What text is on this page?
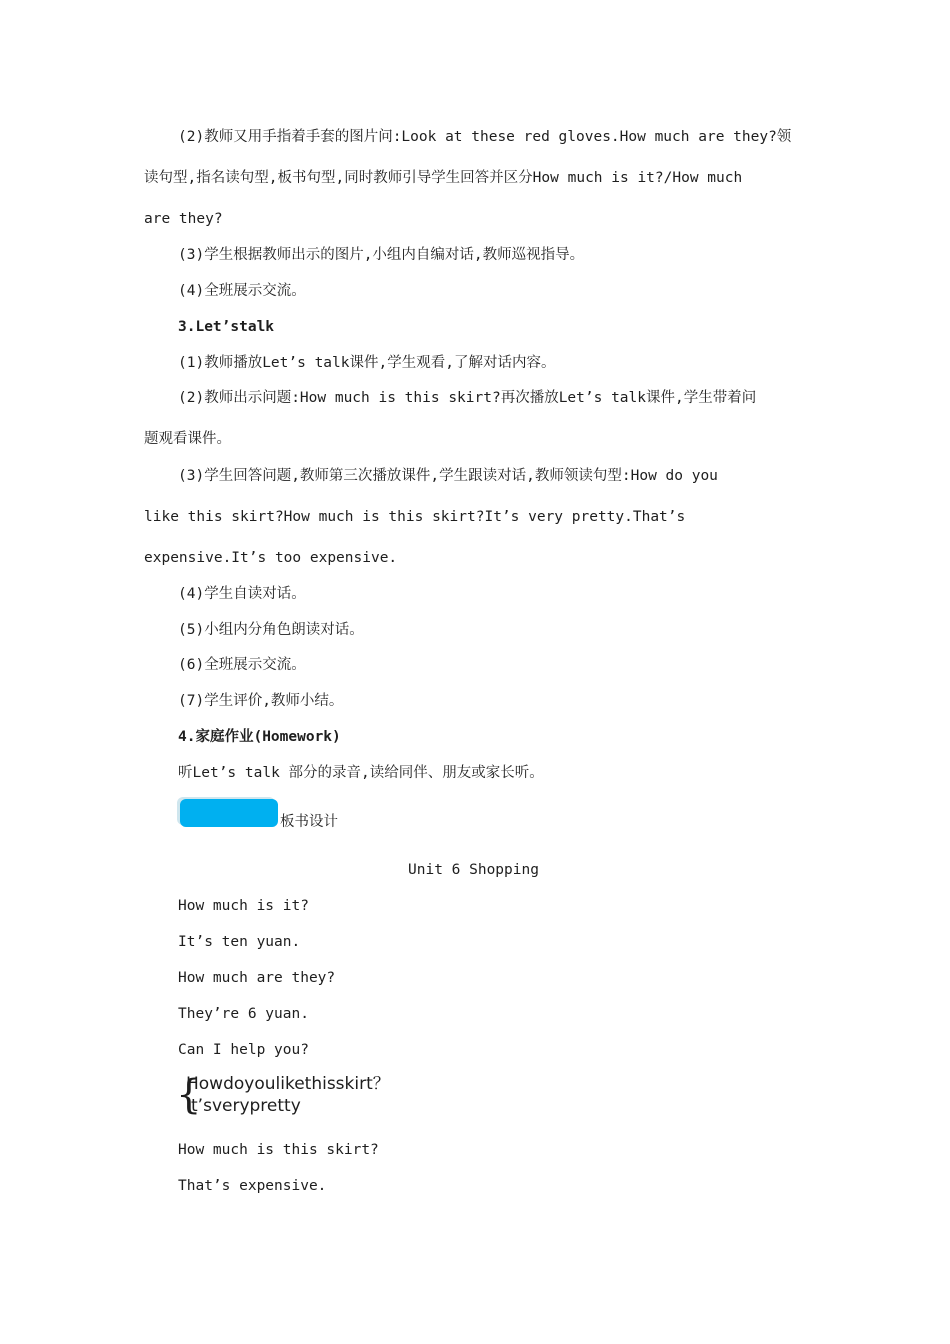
(2)教师又用手指着手套的图片问:Look at these red gloves.How much are they?领
读句型,指名读句型,板书句型,同时教师引导学生回答并区分How much is it?/How much
are they?
(3)学生根据教师出示的图片,小组内自编对话,教师巡视指导。
(4)全班展示交流。
3.Let’stalk
(1)教师播放Let’s talk课件,学生观看,了解对话内容。
(2)教师出示问题:How much is this skirt?再次播放Let’s talk课件,学生带着问
题观看课件。
(3)学生回答问题,教师第三次播放课件,学生跟读对话,教师领读句型:How do you
like this skirt?How much is this skirt?It’s very pretty.That’s
expensive.It’s too expensive.
(4)学生自读对话。
(5)小组内分角色朗读对话。
(6)全班展示交流。
(7)学生评价,教师小结。
4.家庭作业(Homework)
听Let’s talk 部分的录音,读给同伴、朋友或家长听。
板书设计
Unit 6 Shopping
How much is it?
It’s ten yuan.
How much are they?
They’re 6 yuan.
Can I help you?
{
Howdoyoulikethisskirt？
It’sverypretty
How much is this skirt?
That’s expensive.
